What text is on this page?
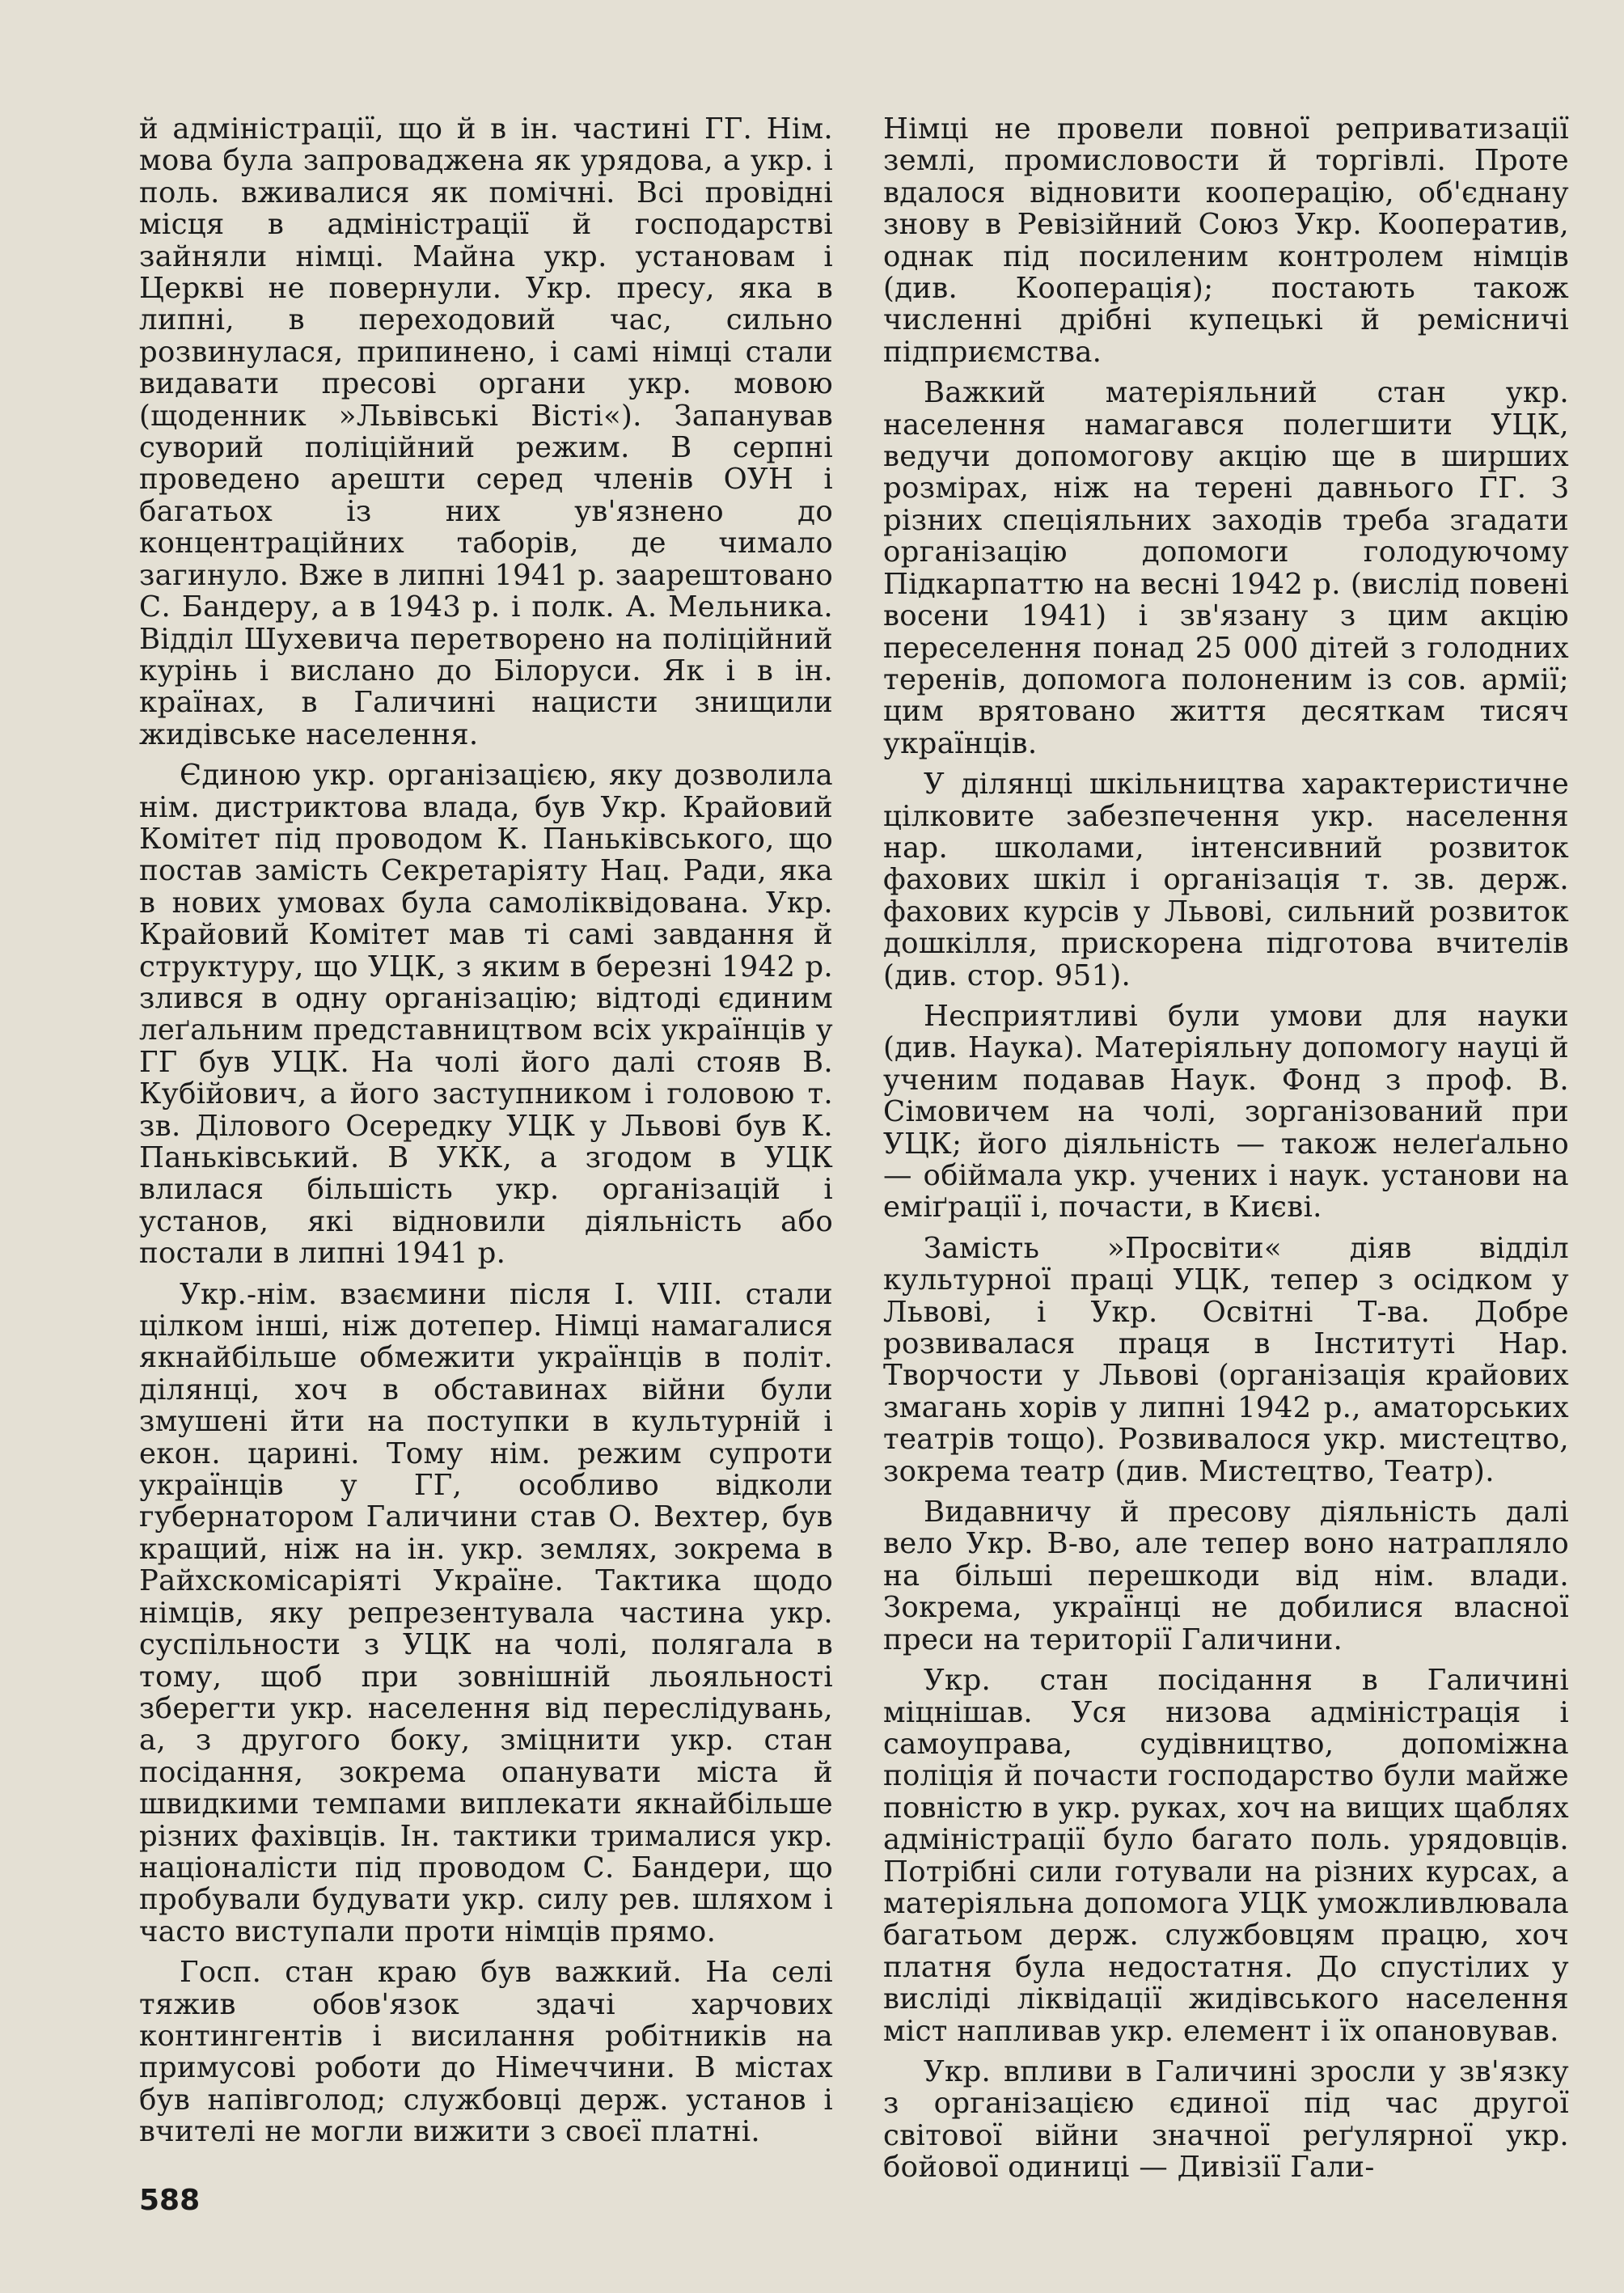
й адміністрації, що й в ін. частині ГГ. Нім. мова була запроваджена як урядова, а укр. і поль. вживалися як помічні. Всі провідні місця в адміністрації й господарстві зайняли німці. Майна укр. установам і Церкві не повернули. Укр. пресу, яка в липні, в переходовий час, сильно розвинулася, припинено, і самі німці стали видавати пресові органи укр. мовою (щоденник »Львівські Вісті«). Запанував суворий поліційний режим. В серпні проведено арешти серед членів ОУН і багатьох із них ув'язнено до концентраційних таборів, де чимало загинуло. Вже в липні 1941 р. заарештовано С. Бандеру, а в 1943 р. і полк. А. Мельника. Відділ Шухевича перетворено на поліційний курінь і вислано до Білоруси. Як і в ін. країнах, в Галичині нацисти знищили жидівське населення.

Єдиною укр. організацією, яку дозволила нім. дистриктова влада, був Укр. Крайовий Комітет під проводом К. Паньківського, що постав замість Секретаріяту Нац. Ради, яка в нових умовах була самоліквідована. Укр. Крайовий Комітет мав ті самі завдання й структуру, що УЦК, з яким в березні 1942 р. злився в одну організацію; відтоді єдиним леґальним представництвом всіх українців у ГГ був УЦК. На чолі його далі стояв В. Кубійович, а його заступником і головою т. зв. Ділового Осередку УЦК у Львові був К. Паньківський. В УКК, а згодом в УЦК влилася більшість укр. організацій і установ, які відновили діяльність або постали в липні 1941 р.

Укр.-нім. взаємини після І. VIII. стали цілком інші, ніж дотепер. Німці намагалися якнайбільше обмежити українців в політ. ділянці, хоч в обставинах війни були змушені йти на поступки в культурній і екон. царині. Тому нім. режим супроти українців у ГГ, особливо відколи губернатором Галичини став О. Вехтер, був кращий, ніж на ін. укр. землях, зокрема в Райхскомісаріяті Україне. Тактика щодо німців, яку репрезентувала частина укр. суспільности з УЦК на чолі, полягала в тому, щоб при зовнішній льояльності зберегти укр. населення від переслідувань, а, з другого боку, зміцнити укр. стан посідання, зокрема опанувати міста й швидкими темпами виплекати якнайбільше різних фахівців. Ін. тактики трималися укр. націоналісти під проводом С. Бандери, що пробували будувати укр. силу рев. шляхом і часто виступали проти німців прямо.

Госп. стан краю був важкий. На селі тяжив обов'язок здачі харчових контингентів і висилання робітників на примусові роботи до Німеччини. В містах був напівголод; службовці держ. установ і вчителі не могли вижити з своєї платні.

Німці не провели повної реприватизації землі, промисловости й торгівлі. Проте вдалося відновити кооперацію, об'єднану знову в Ревізійний Союз Укр. Кооператив, однак під посиленим контролем німців (див. Кооперація); постають також численні дрібні купецькі й ремісничі підприємства.

Важкий матеріяльний стан укр. населення намагався полегшити УЦК, ведучи допомогову акцію ще в ширших розмірах, ніж на терені давнього ГГ. З різних спеціяльних заходів треба згадати організацію допомоги голодуючому Підкарпаттю на весні 1942 р. (вислід повені восени 1941) і зв'язану з цим акцію переселення понад 25 000 дітей з голодних теренів, допомога полоненим із сов. армії; цим врятовано життя десяткам тисяч українців.

У ділянці шкільництва характеристичне цілковите забезпечення укр. населення нар. школами, інтенсивний розвиток фахових шкіл і організація т. зв. держ. фахових курсів у Львові, сильний розвиток дошкілля, прискорена підготова вчителів (див. стор. 951).

Несприятливі були умови для науки (див. Наука). Матеріяльну допомогу науці й ученим подавав Наук. Фонд з проф. В. Сімовичем на чолі, зорганізований при УЦК; його діяльність — також нелеґально — обіймала укр. учених і наук. установи на еміґрації і, почасти, в Києві.

Замість »Просвіти« діяв відділ культурної праці УЦК, тепер з осідком у Львові, і Укр. Освітні Т-ва. Добре розвивалася праця в Інституті Нар. Творчости у Львові (організація крайових змагань хорів у липні 1942 р., аматорських театрів тощо). Розвивалося укр. мистецтво, зокрема театр (див. Мистецтво, Театр).

Видавничу й пресову діяльність далі вело Укр. В-во, але тепер воно натрапляло на більші перешкоди від нім. влади. Зокрема, українці не добилися власної преси на території Галичини.

Укр. стан посідання в Галичині міцнішав. Уся низова адміністрація і самоуправа, судівництво, допоміжна поліція й почасти господарство були майже повністю в укр. руках, хоч на вищих щаблях адміністрації було багато поль. урядовців. Потрібні сили готували на різних курсах, а матеріяльна допомога УЦК уможливлювала багатьом держ. службовцям працю, хоч платня була недостатня. До спустілих у висліді ліквідації жидівського населення міст напливав укр. елемент і їх опановував.

Укр. впливи в Галичині зросли у зв'язку з організацією єдиної під час другої світової війни значної реґулярної укр. бойової одиниці — Дивізії Гали-

588
